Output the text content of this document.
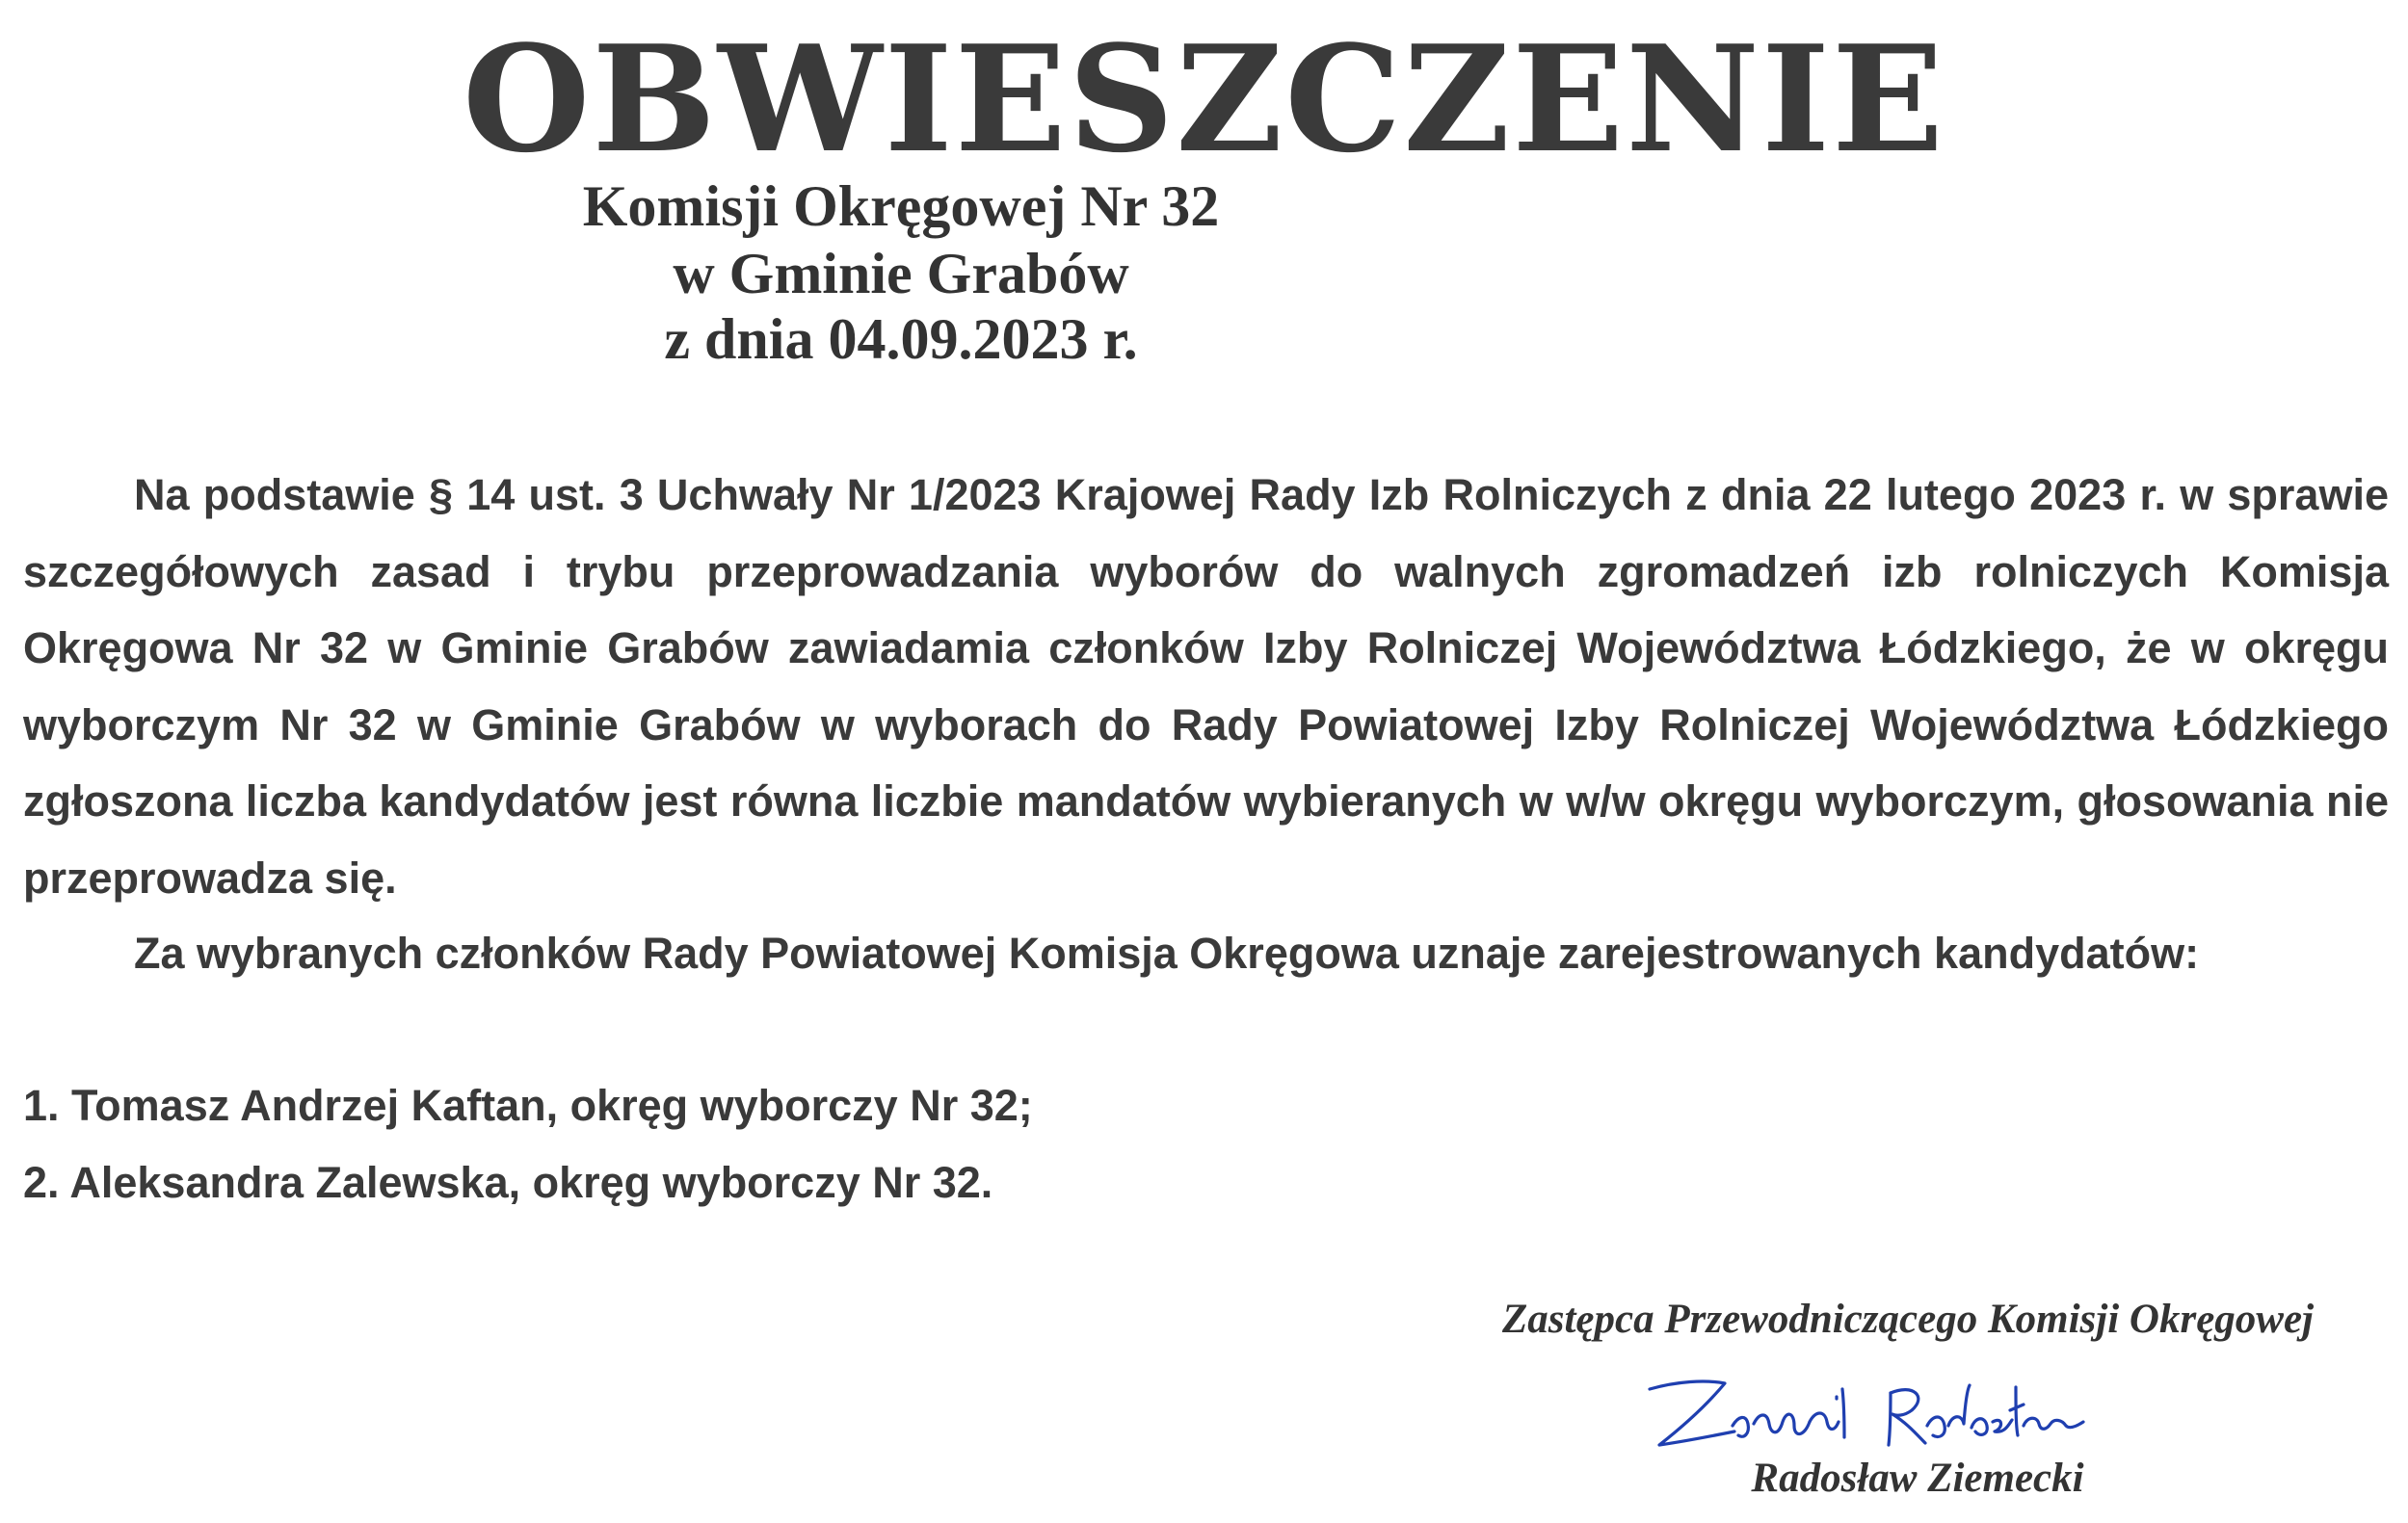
OBWIESZCZENIE
Komisji Okręgowej Nr 32
w Gminie Grabów
z dnia 04.09.2023 r.

Na podstawie § 14 ust. 3 Uchwały Nr 1/2023 Krajowej Rady Izb Rolniczych z dnia 22 lutego 2023 r. w sprawie szczegółowych zasad i trybu przeprowadzania wyborów do walnych zgromadzeń izb rolniczych Komisja Okręgowa Nr 32 w Gminie Grabów zawiadamia członków Izby Rolniczej Województwa Łódzkiego, że w okręgu wyborczym Nr 32 w Gminie Grabów w wyborach do Rady Powiatowej Izby Rolniczej Województwa Łódzkiego zgłoszona liczba kandydatów jest równa liczbie mandatów wybieranych w w/w okręgu wyborczym, głosowania nie przeprowadza się.

Za wybranych członków Rady Powiatowej Komisja Okręgowa uznaje zarejestrowanych kandydatów:

1. Tomasz Andrzej Kaftan, okręg wyborczy Nr 32;
2. Aleksandra Zalewska, okręg wyborczy Nr 32.
Zastępca Przewodniczącego Komisji Okręgowej
Radosław Ziemecki
